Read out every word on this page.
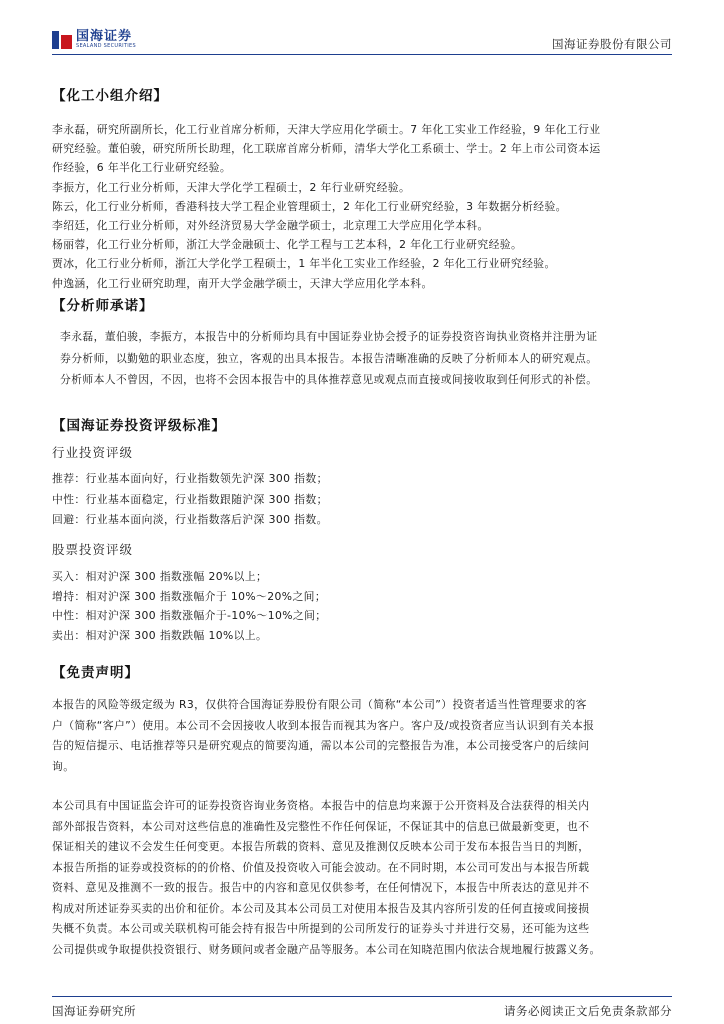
国海证券
SEALAND SECURITIES	国海证券股份有限公司
【化工小组介绍】
李永磊，研究所副所长，化工行业首席分析师，天津大学应用化学硕士。7 年化工实业工作经验，9 年化工行业
研究经验。董伯骏，研究所所长助理，化工联席首席分析师，清华大学化工系硕士、学士。2 年上市公司资本运
作经验，6 年半化工行业研究经验。
李振方，化工行业分析师，天津大学化学工程硕士，2 年行业研究经验。
陈云，化工行业分析师，香港科技大学工程企业管理硕士，2 年化工行业研究经验，3 年数据分析经验。
李绍廷，化工行业分析师，对外经济贸易大学金融学硕士，北京理工大学应用化学本科。
杨丽蓉，化工行业分析师，浙江大学金融硕士、化学工程与工艺本科，2 年化工行业研究经验。
贾冰，化工行业分析师，浙江大学化学工程硕士，1 年半化工实业工作经验，2 年化工行业研究经验。
仲逸涵，化工行业研究助理，南开大学金融学硕士，天津大学应用化学本科。
【分析师承诺】
李永磊，董伯骏，李振方，本报告中的分析师均具有中国证券业协会授予的证券投资咨询执业资格并注册为证
券分析师，以勤勉的职业态度，独立，客观的出具本报告。本报告清晰准确的反映了分析师本人的研究观点。
分析师本人不曾因，不因，也将不会因本报告中的具体推荐意见或观点而直接或间接收取到任何形式的补偿。
【国海证券投资评级标准】
行业投资评级
推荐：行业基本面向好，行业指数领先沪深 300 指数；
中性：行业基本面稳定，行业指数跟随沪深 300 指数；
回避：行业基本面向淡，行业指数落后沪深 300 指数。
股票投资评级
买入：相对沪深 300 指数涨幅 20%以上；
增持：相对沪深 300 指数涨幅介于 10%～20%之间；
中性：相对沪深 300 指数涨幅介于-10%～10%之间；
卖出：相对沪深 300 指数跌幅 10%以上。
【免责声明】
本报告的风险等级定级为 R3，仅供符合国海证券股份有限公司（简称“本公司”）投资者适当性管理要求的客
户（简称“客户”）使用。本公司不会因接收人收到本报告而视其为客户。客户及/或投资者应当认识到有关本报
告的短信提示、电话推荐等只是研究观点的简要沟通，需以本公司的完整报告为准，本公司接受客户的后续问
询。
本公司具有中国证监会许可的证券投资咨询业务资格。本报告中的信息均来源于公开资料及合法获得的相关内
部外部报告资料，本公司对这些信息的准确性及完整性不作任何保证，不保证其中的信息已做最新变更，也不
保证相关的建议不会发生任何变更。本报告所载的资料、意见及推测仅反映本公司于发布本报告当日的判断，
本报告所指的证券或投资标的的价格、价值及投资收入可能会波动。在不同时期，本公司可发出与本报告所载
资料、意见及推测不一致的报告。报告中的内容和意见仅供参考，在任何情况下，本报告中所表达的意见并不
构成对所述证券买卖的出价和征价。本公司及其本公司员工对使用本报告及其内容所引发的任何直接或间接损
失概不负责。本公司或关联机构可能会持有报告中所提到的公司所发行的证券头寸并进行交易，还可能为这些
公司提供或争取提供投资银行、财务顾问或者金融产品等服务。本公司在知晓范围内依法合规地履行披露义务。
国海证券研究所	请务必阅读正文后免责条款部分
